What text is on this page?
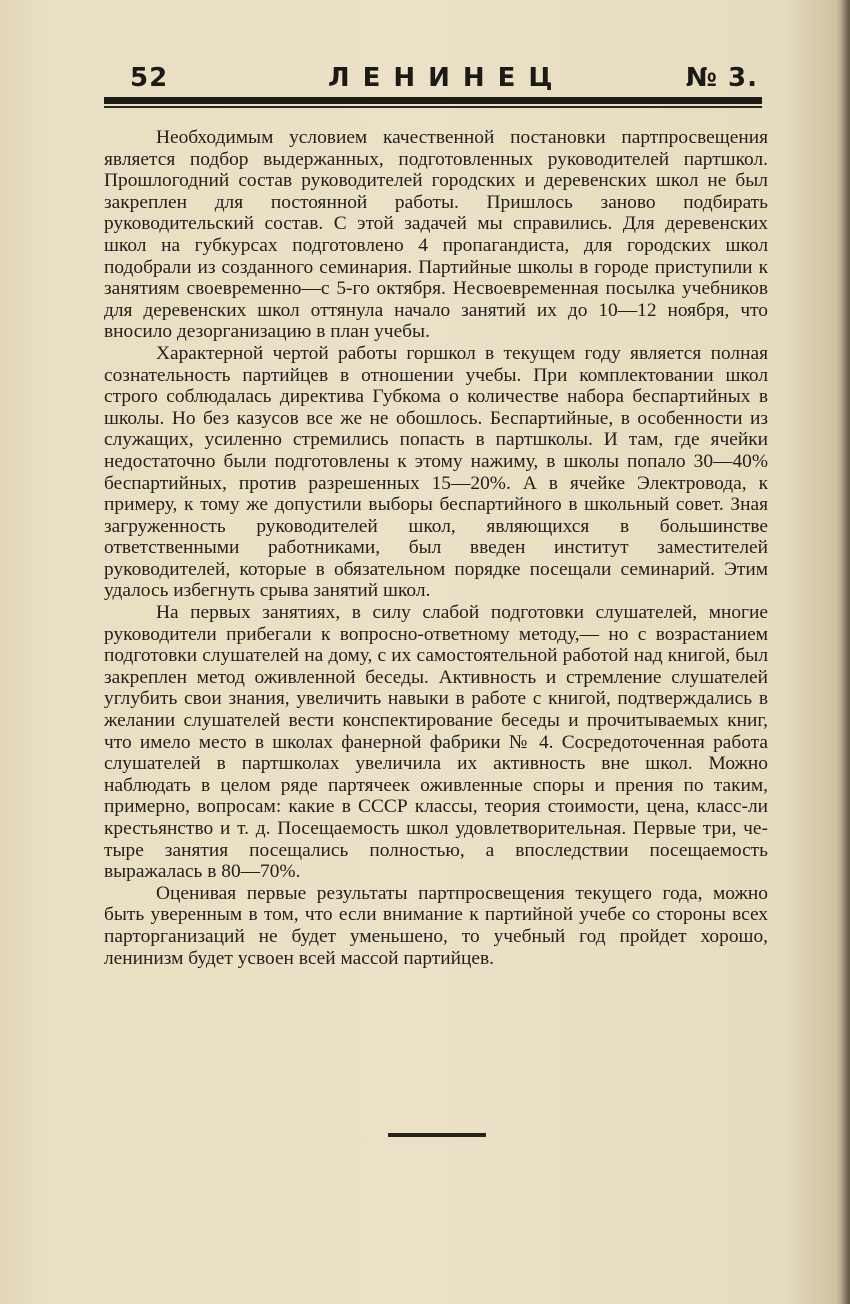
52	ЛЕНИНЕЦ	№ 3.

Необходимым условием качественной постановки партпросвещения является подбор выдержанных, подготовленных руководителей партшкол. Прошлогодний состав руководителей городских и деревенских школ не был закреплен для постоянной работы. Пришлось заново подбирать руководительский состав. С этой задачей мы справились. Для деревенских школ на губкурсах подготовлено 4 пропагандиста, для городских школ подобрали из созданного семинария. Партийные школы в городе приступили к занятиям своевременно—с 5-го октября. Несвоевременная посылка учебников для деревенских школ оттянула начало занятий их до 10—12 ноября, что вносило дезорганизацию в план учебы.

Характерной чертой работы горшкол в текущем году является полная сознательность партийцев в отношении учебы. При комплектовании школ строго соблюдалась директива Губкома о количестве набора беспартийных в школы. Но без казусов все же не обошлось. Беспартийные, в особенности из служащих, усиленно стремились попасть в партшколы. И там, где ячейки недостаточно были подготовлены к этому нажиму, в школы попало 30—40% беспартийных, против разрешенных 15—20%. А в ячейке Электровода, к примеру, к тому же допустили выборы беспартийного в школьный совет. Зная загруженность руководителей школ, являющихся в большинстве ответственными работниками, был введен институт заместителей руководителей, которые в обязательном порядке посещали семинарий. Этим удалось избегнуть срыва занятий школ.

На первых занятиях, в силу слабой подготовки слушателей, многие руководители прибегали к вопросно-ответному методу,— но с возрастанием подготовки слушателей на дому, с их самостоятельной работой над книгой, был закреплен метод оживленной беседы. Активность и стремление слушателей углубить свои знания, увеличить навыки в работе с книгой, подтверждались в желании слушателей вести конспектирование беседы и прочитываемых книг, что имело место в школах фанерной фабрики № 4. Сосредоточенная работа слушателей в партшколах увеличила их активность вне школ. Можно наблюдать в целом ряде партячеек оживленные споры и прения по таким, примерно, вопросам: какие в СССР классы, теория стоимости, цена, класс-ли крестьянство и т. д. Посещаемость школ удовлетворительная. Первые три, четыре занятия посещались полностью, а впоследствии посещаемость выражалась в 80—70%.

Оценивая первые результаты партпросвещения текущего года, можно быть уверенным в том, что если внимание к партийной учебе со стороны всех парторганизаций не будет уменьшено, то учебный год пройдет хорошо, ленинизм будет усвоен всей массой партийцев.
